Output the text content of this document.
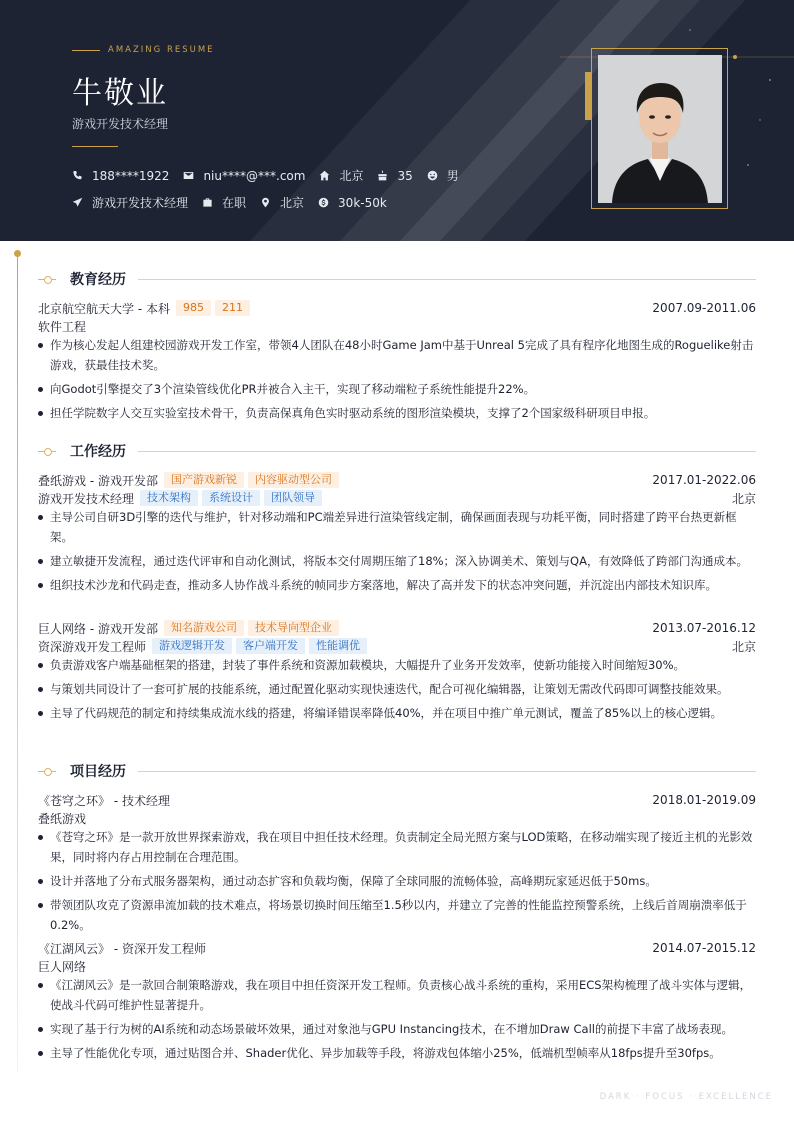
AMAZING RESUME
牛敬业
游戏开发技术经理
188****1922	niu****@***.com	北京	35	男
游戏开发技术经理	在职	北京	30k-50k
教育经历
北京航空航天大学 - 本科	985	211	2007.09-2011.06
软件工程
作为核心发起人组建校园游戏开发工作室，带领4人团队在48小时Game Jam中基于Unreal 5完成了具有程序化地图生成的Roguelike射击游戏，获最佳技术奖。
向Godot引擎提交了3个渲染管线优化PR并被合入主干，实现了移动端粒子系统性能提升22%。
担任学院数字人交互实验室技术骨干，负责高保真角色实时驱动系统的图形渲染模块，支撑了2个国家级科研项目申报。
工作经历
叠纸游戏 - 游戏开发部	国产游戏新锐	内容驱动型公司	2017.01-2022.06
游戏开发技术经理	技术架构	系统设计	团队领导	北京
主导公司自研3D引擎的迭代与维护，针对移动端和PC端差异进行渲染管线定制，确保画面表现与功耗平衡，同时搭建了跨平台热更新框架。
建立敏捷开发流程，通过迭代评审和自动化测试，将版本交付周期压缩了18%；深入协调美术、策划与QA，有效降低了跨部门沟通成本。
组织技术沙龙和代码走查，推动多人协作战斗系统的帧同步方案落地，解决了高并发下的状态冲突问题，并沉淀出内部技术知识库。
巨人网络 - 游戏开发部	知名游戏公司	技术导向型企业	2013.07-2016.12
资深游戏开发工程师	游戏逻辑开发	客户端开发	性能调优	北京
负责游戏客户端基础框架的搭建，封装了事件系统和资源加载模块，大幅提升了业务开发效率，使新功能接入时间缩短30%。
与策划共同设计了一套可扩展的技能系统，通过配置化驱动实现快速迭代，配合可视化编辑器，让策划无需改代码即可调整技能效果。
主导了代码规范的制定和持续集成流水线的搭建，将编译错误率降低40%，并在项目中推广单元测试，覆盖了85%以上的核心逻辑。
项目经历
《苍穹之环》 - 技术经理	2018.01-2019.09
叠纸游戏
《苍穹之环》是一款开放世界探索游戏，我在项目中担任技术经理。负责制定全局光照方案与LOD策略，在移动端实现了接近主机的光影效果，同时将内存占用控制在合理范围。
设计并落地了分布式服务器架构，通过动态扩容和负载均衡，保障了全球同服的流畅体验，高峰期玩家延迟低于50ms。
带领团队攻克了资源串流加载的技术难点，将场景切换时间压缩至1.5秒以内，并建立了完善的性能监控预警系统，上线后首周崩溃率低于0.2%。
《江湖风云》 - 资深开发工程师	2014.07-2015.12
巨人网络
《江湖风云》是一款回合制策略游戏，我在项目中担任资深开发工程师。负责核心战斗系统的重构，采用ECS架构梳理了战斗实体与逻辑，使战斗代码可维护性显著提升。
实现了基于行为树的AI系统和动态场景破坏效果，通过对象池与GPU Instancing技术，在不增加Draw Call的前提下丰富了战场表现。
主导了性能优化专项，通过贴图合并、Shader优化、异步加载等手段，将游戏包体缩小25%，低端机型帧率从18fps提升至30fps。
DARK · FOCUS · EXCELLENCE
